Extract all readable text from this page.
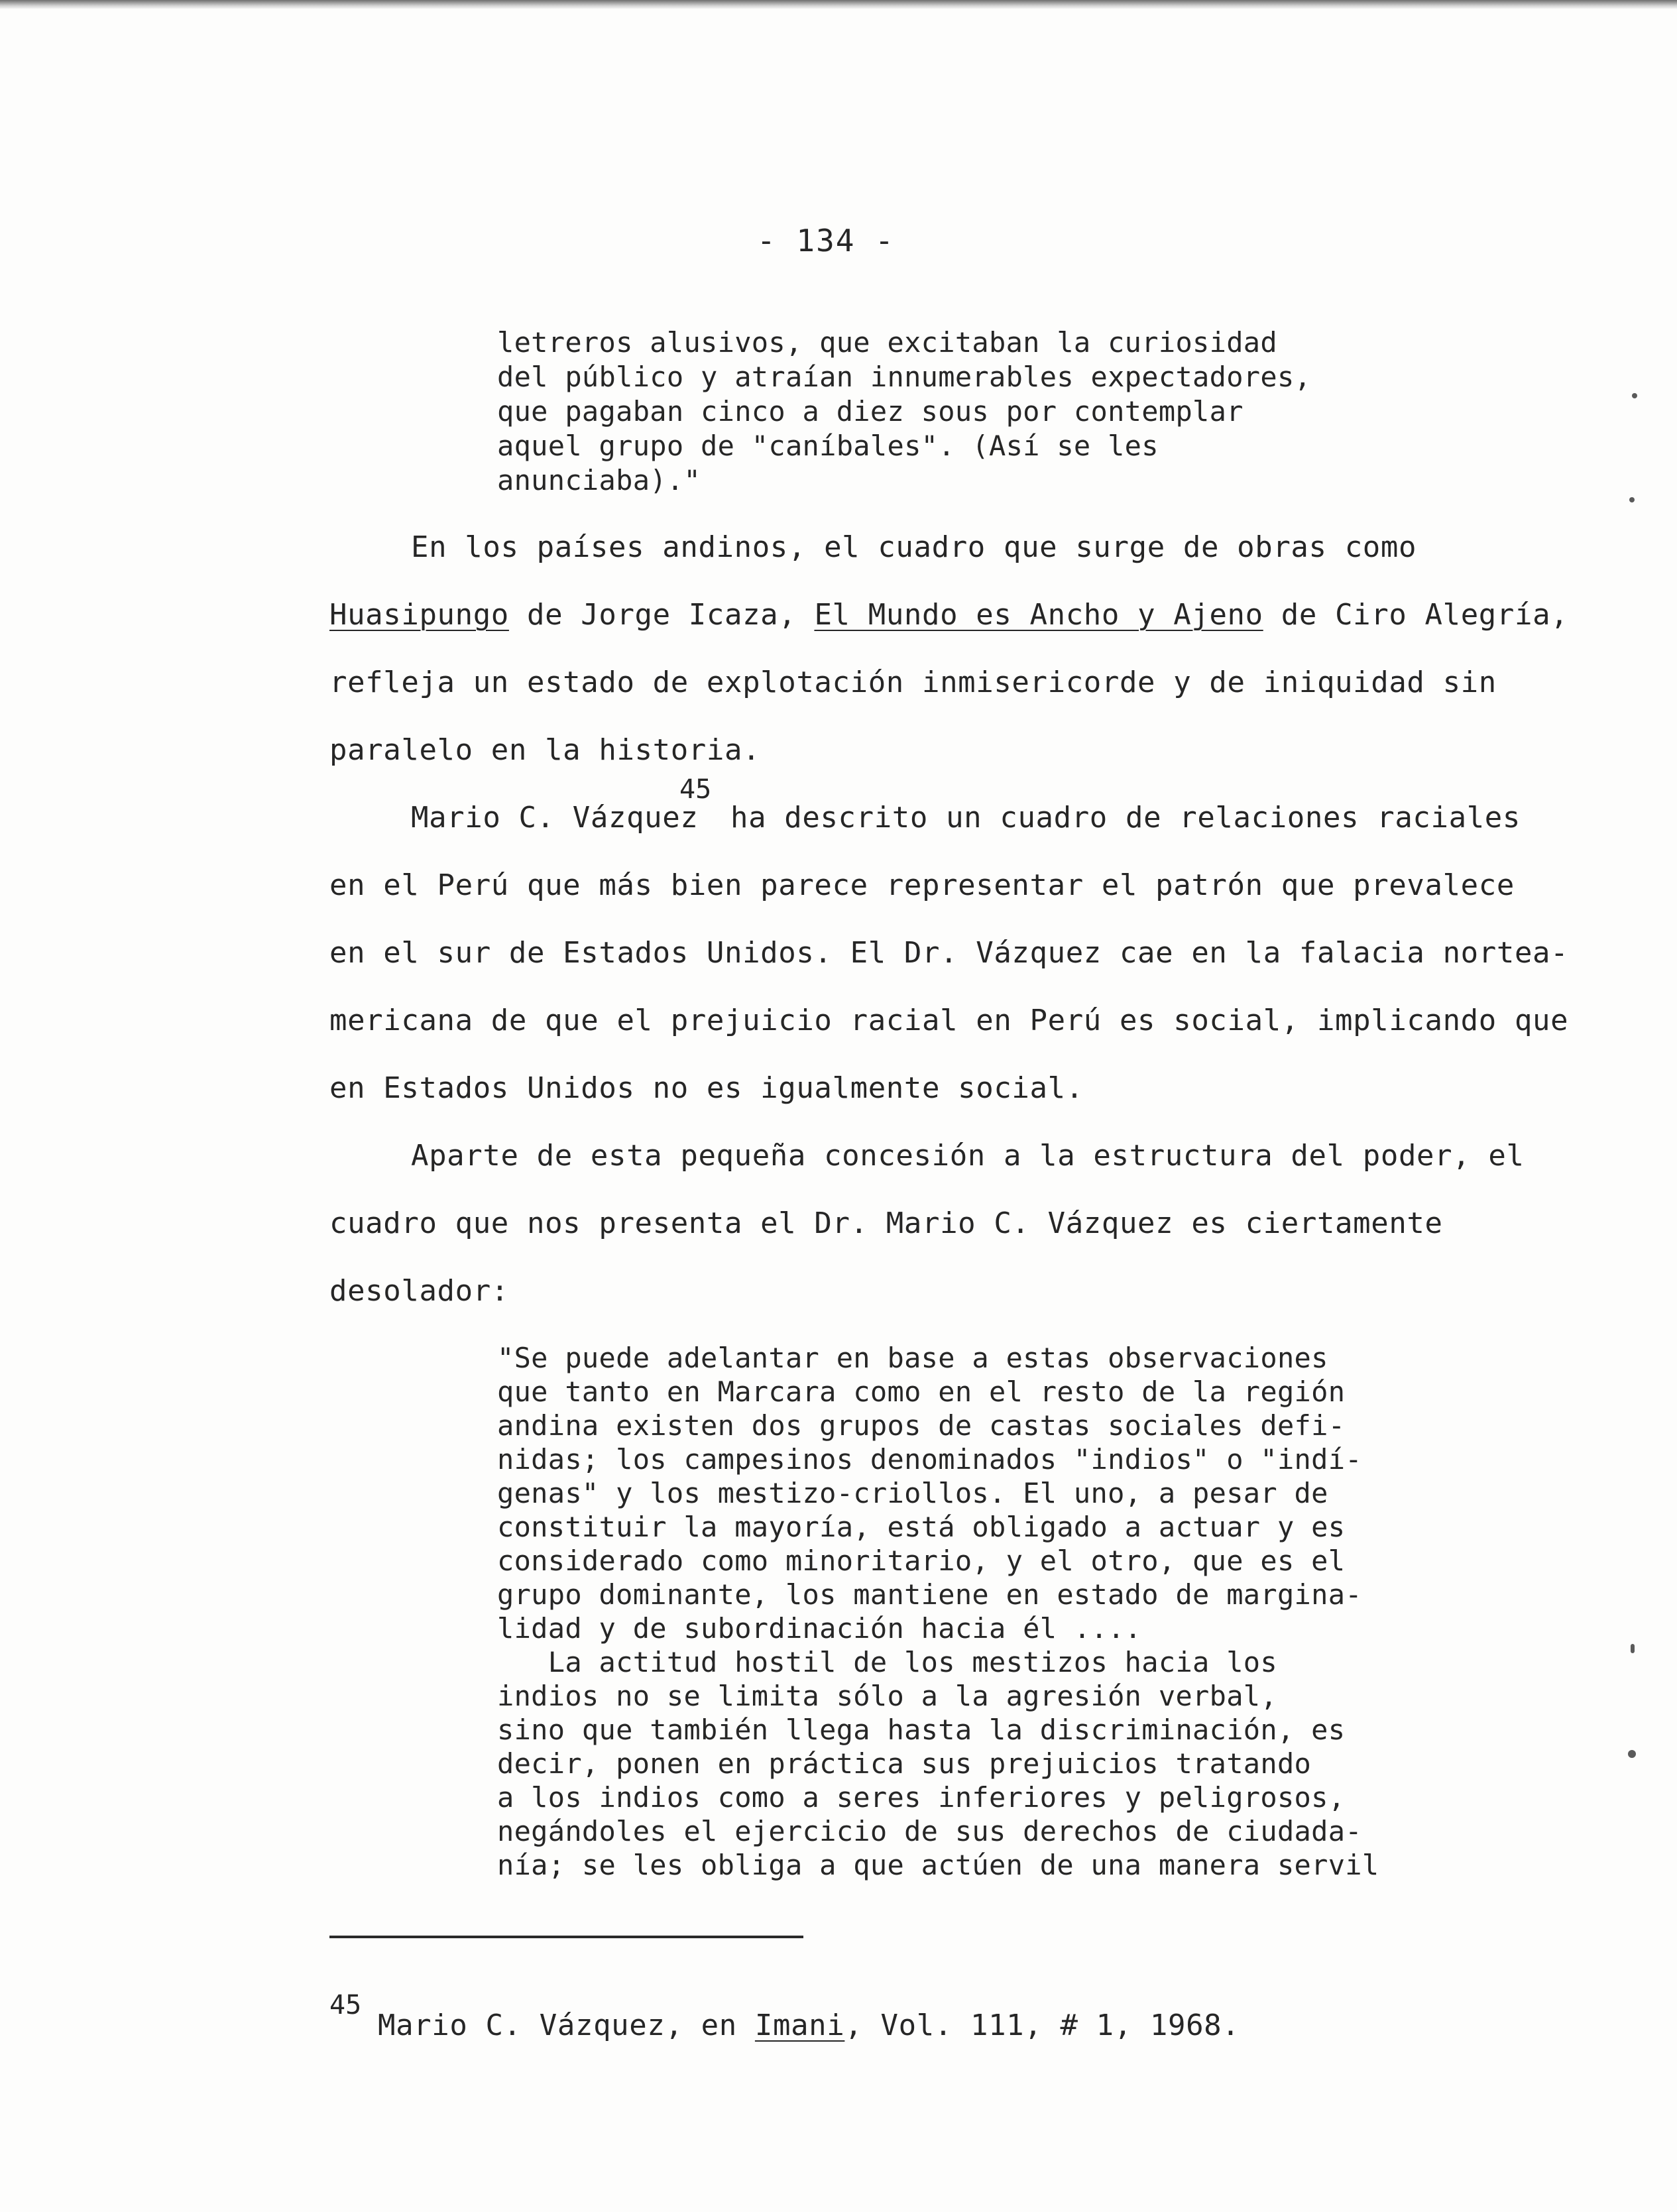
- 134 -
letreros alusivos, que excitaban la curiosidad
del público y atraían innumerables expectadores,
que pagaban cinco a diez sous por contemplar
aquel grupo de "caníbales". (Así se les
anunciaba)."
En los países andinos, el cuadro que surge de obras como
Huasipungo de Jorge Icaza, El Mundo es Ancho y Ajeno de Ciro Alegría,
refleja un estado de explotación inmisericorde y de iniquidad sin
paralelo en la historia.
Mario C. Vázquez
45
ha descrito un cuadro de relaciones raciales
en el Perú que más bien parece representar el patrón que prevalece
en el sur de Estados Unidos. El Dr. Vázquez cae en la falacia nortea-
mericana de que el prejuicio racial en Perú es social, implicando que
en Estados Unidos no es igualmente social.
Aparte de esta pequeña concesión a la estructura del poder, el
cuadro que nos presenta el Dr. Mario C. Vázquez es ciertamente
desolador:
"Se puede adelantar en base a estas observaciones
que tanto en Marcara como en el resto de la región
andina existen dos grupos de castas sociales defi-
nidas; los campesinos denominados "indios" o "indí-
genas" y los mestizo-criollos. El uno, a pesar de
constituir la mayoría, está obligado a actuar y es
considerado como minoritario, y el otro, que es el
grupo dominante, los mantiene en estado de margina-
lidad y de subordinación hacia él ....
La actitud hostil de los mestizos hacia los
indios no se limita sólo a la agresión verbal,
sino que también llega hasta la discriminación, es
decir, ponen en práctica sus prejuicios tratando
a los indios como a seres inferiores y peligrosos,
negándoles el ejercicio de sus derechos de ciudada-
nía; se les obliga a que actúen de una manera servil
45
Mario C. Vázquez, en Imani, Vol. 111, # 1, 1968.
